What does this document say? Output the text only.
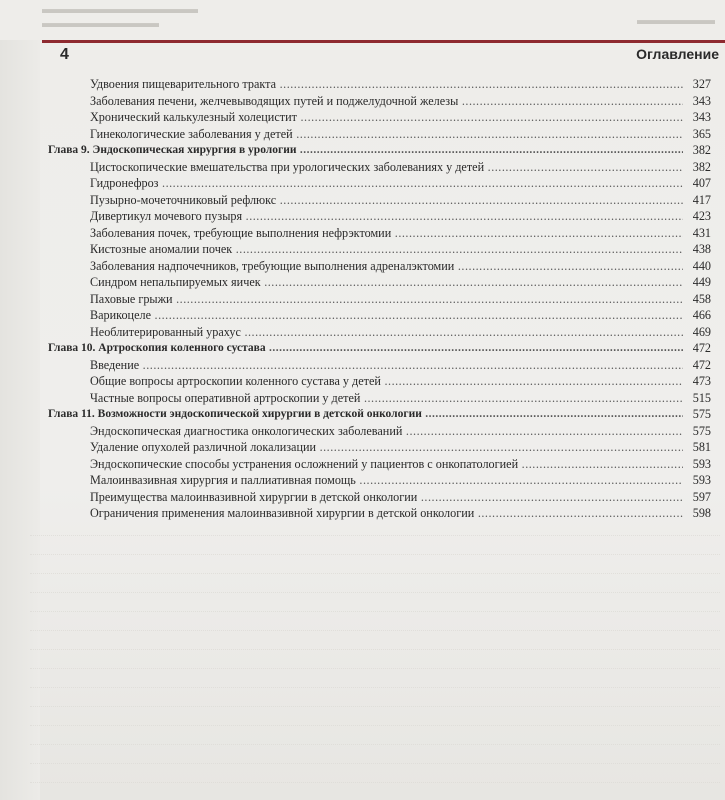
▬▬▬▬▬▬▬▬▬▬▬▬
▬▬▬▬▬▬▬▬▬	▬▬▬▬▬▬
4	Оглавление
Удвоения пищеварительного тракта .....	327
Заболевания печени, желчевыводящих путей и поджелудочной железы .....	343
Хронический калькулезный холецистит .....	343
Гинекологические заболевания у детей .....	365
Глава 9. Эндоскопическая хирургия в урологии .....	382
Цистоскопические вмешательства при урологических заболеваниях у детей .....	382
Гидронефроз .....	407
Пузырно-мочеточниковый рефлюкс .....	417
Дивертикул мочевого пузыря .....	423
Заболевания почек, требующие выполнения нефрэктомии .....	431
Кистозные аномалии почек .....	438
Заболевания надпочечников, требующие выполнения адреналэктомии .....	440
Синдром непальпируемых яичек .....	449
Паховые грыжи .....	458
Варикоцеле .....	466
Необлитерированный урахус .....	469
Глава 10. Артроскопия коленного сустава .....	472
Введение .....	472
Общие вопросы артроскопии коленного сустава у детей .....	473
Частные вопросы оперативной артроскопии у детей .....	515
Глава 11. Возможности эндоскопической хирургии в детской онкологии .....	575
Эндоскопическая диагностика онкологических заболеваний .....	575
Удаление опухолей различной локализации .....	581
Эндоскопические способы устранения осложнений у пациентов с онкопатологией .....	593
Малоинвазивная хирургия и паллиативная помощь .....	593
Преимущества малоинвазивной хирургии в детской онкологии .....	597
Ограничения применения малоинвазивной хирургии в детской онкологии .....	598
